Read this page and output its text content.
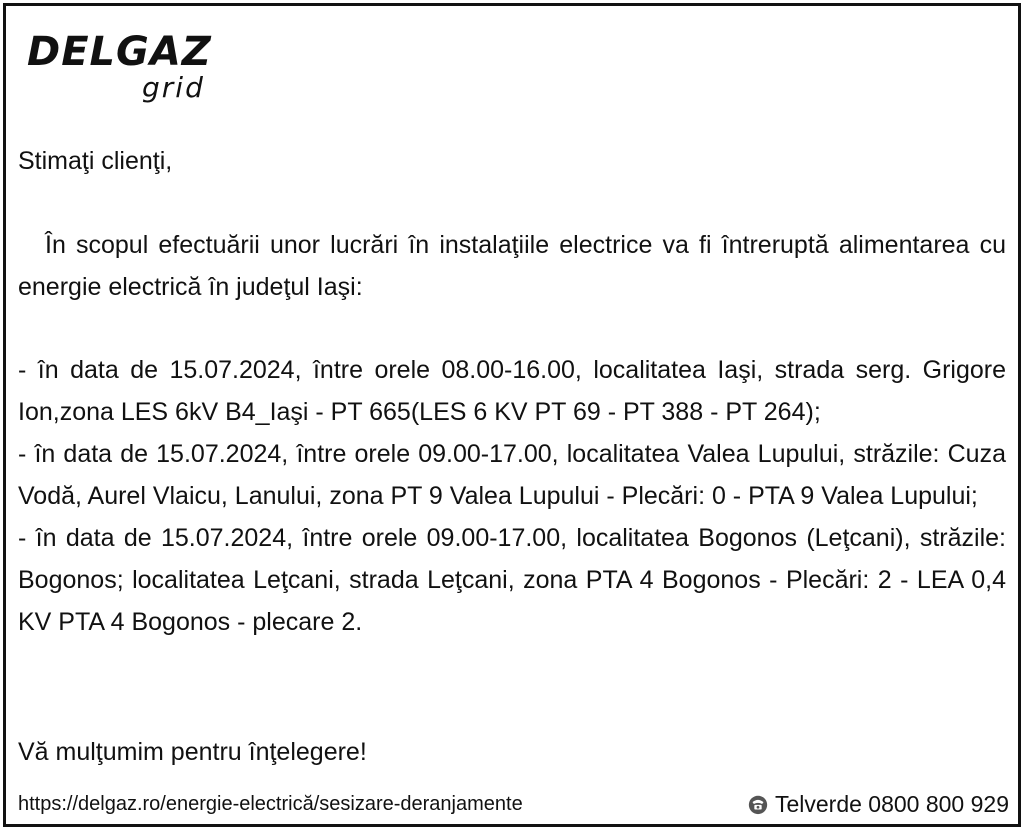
DELGAZ
grid
Stimaţi clienţi,
În scopul efectuării unor lucrări în instalaţiile electrice va fi întreruptă alimentarea cu energie electrică în judeţul Iaşi:

- în data de 15.07.2024, între orele 08.00-16.00, localitatea Iaşi, strada serg. Grigore Ion,zona LES 6kV B4_Iaşi - PT 665(LES 6 KV PT 69 - PT 388 - PT 264);

- în data de 15.07.2024, între orele 09.00-17.00, localitatea Valea Lupului, străzile: Cuza Vodă, Aurel Vlaicu, Lanului, zona PT 9 Valea Lupului - Plecări: 0 - PTA 9 Valea Lupului;

- în data de 15.07.2024, între orele 09.00-17.00, localitatea Bogonos (Leţcani), străzile: Bogonos; localitatea Leţcani, strada Leţcani, zona PTA 4 Bogonos - Plecări: 2 - LEA 0,4 KV PTA 4 Bogonos - plecare 2.

Vă mulţumim pentru înţelegere!
https://delgaz.ro/energie-electrică/sesizare-deranjamente	Telverde 0800 800 929
